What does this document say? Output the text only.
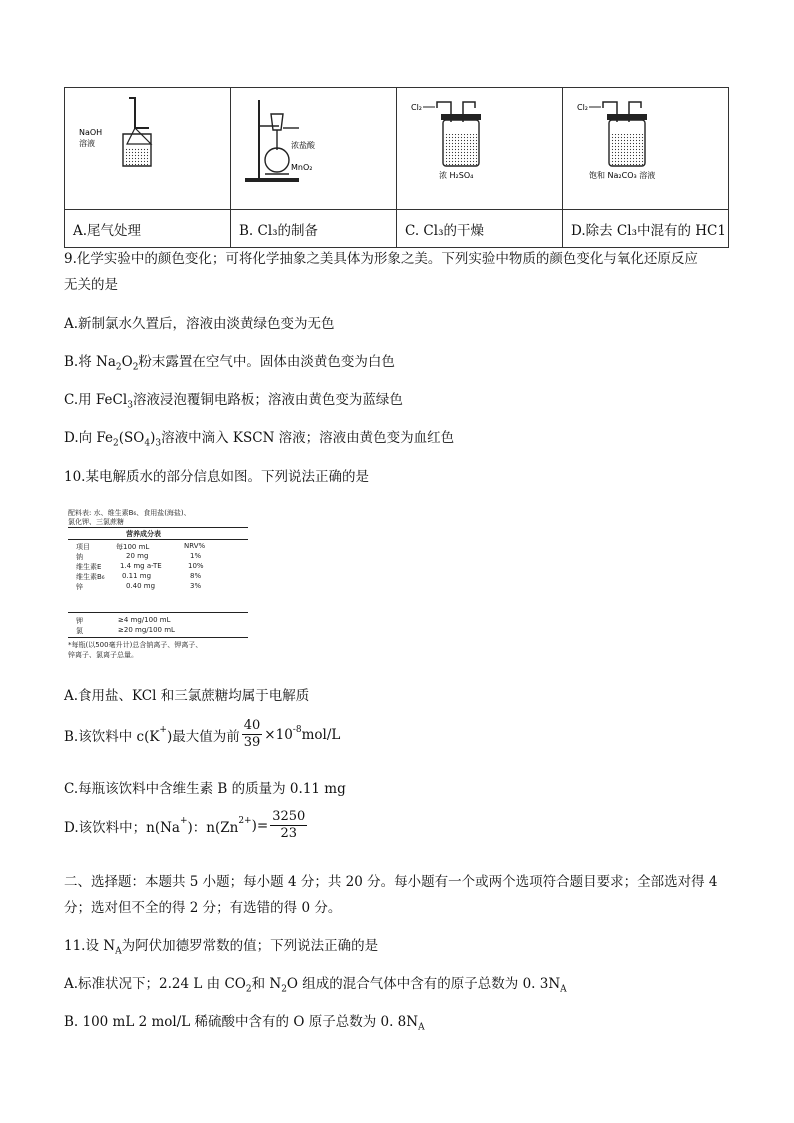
NaOH
溶液	浓盐酸
MnO₂	Cl₂
浓 H₂SO₄	Cl₂
饱和 Na₂CO₃ 溶液

A.尾气处理	B. Cl₃的制备	C. Cl₃的干燥	D.除去 Cl₃中混有的 HC1
9.化学实验中的颜色变化；可将化学抽象之美具体为形象之美。下列实验中物质的颜色变化与氧化还原反应
无关的是
A.新制氯水久置后，溶液由淡黄绿色变为无色
B.将 $Na_2O_2$粉末露置在空气中。固体由淡黄色变为白色
C.用 FeCl$_3$溶液浸泡覆铜电路板；溶液由黄色变为蓝绿色
D.向 $Fe_2(SO_4)_3$溶液中滴入 KSCN 溶液；溶液由黄色变为血红色
10.某电解质水的部分信息如图。下列说法正确的是
配料表: 水、维生素B₆、食用盐(海盐)、
氯化钾、三氯蔗糖
营养成分表
项目	每100 mL	NRV%
钠	20 mg	1%
维生素E	1.4 mg a-TE	10%
维生素B₆ 0.11 mg	8%
锌	0.40 mg	3%
钾	≥4 mg/100 mL
氯	≥20 mg/100 mL
*每瓶(以500毫升计)总含钠离子、钾离子、
锌离子、氯离子总量。
A.食用盐、KCl 和三氯蔗糖均属于电解质
B.该饮料中 c(K+ )最大值为前 $\frac{40}{39} \times 10^{-8}$ mol/L
C.每瓶该饮料中含维生素 B 的质量为 0.11 mg
D.该饮料中；n(Na+ )：$n(Zn^{2+}$ )= $\frac{3250}{23}$
二、选择题：本题共 5 小题；每小题 4 分；共 20 分。每小题有一个或两个选项符合题目要求；全部选对得 4
分；选对但不全的得 2 分；有选错的得 0 分。
11.设 $N_A$为阿伏加德罗常数的值；下列说法正确的是
A.标准状况下；2.24 L 由 $CO_2$和 $N_2O$ 组成的混合气体中含有的原子总数为 0. $3N_A$
B. 100 mL 2 mol/L 稀硫酸中含有的 O 原子总数为 0. $8N_A$
